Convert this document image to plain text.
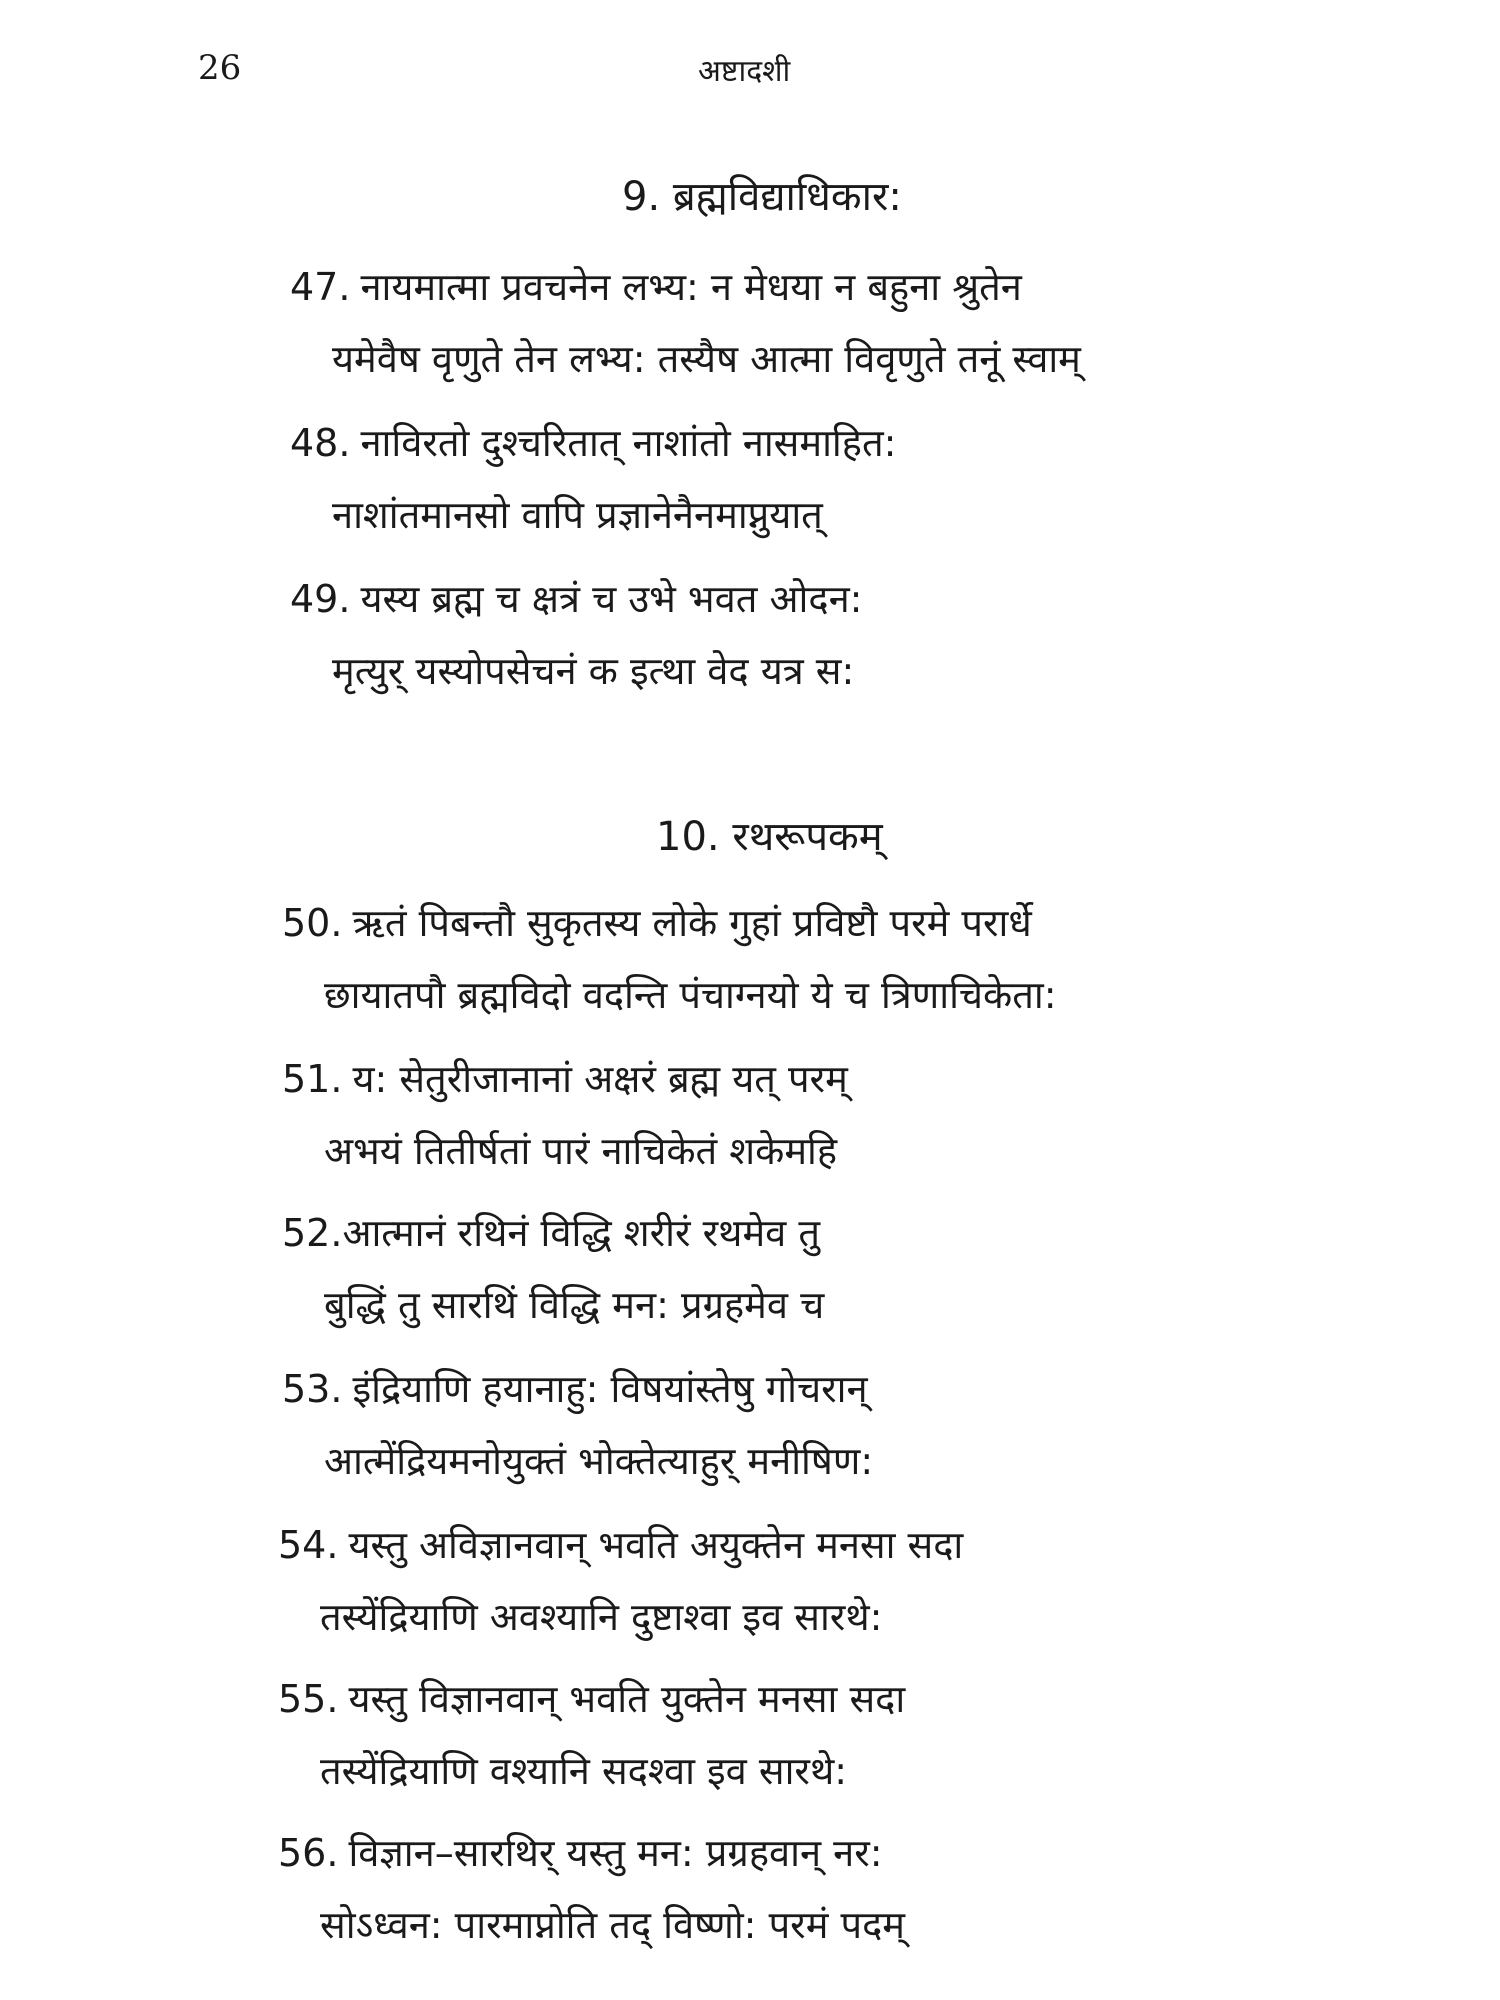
26	अष्टादशी
9. ब्रह्मविद्याधिकार:
47. नायमात्मा प्रवचनेन लभ्य: न मेधया न बहुना श्रुतेन
यमेवैष वृणुते तेन लभ्य: तस्यैष आत्मा विवृणुते तनूं स्वाम्
48. नाविरतो दुश्चरितात् नाशांतो नासमाहित:
नाशांतमानसो वापि प्रज्ञानेनैनमाप्नुयात्
49. यस्य ब्रह्म च क्षत्रं च उभे भवत ओदन:
मृत्युर् यस्योपसेचनं क इत्था वेद यत्र स:
10. रथरूपकम्
50. ऋतं पिबन्तौ सुकृतस्य लोके गुहां प्रविष्टौ परमे परार्धे
छायातपौ ब्रह्मविदो वदन्ति पंचाग्नयो ये च त्रिणाचिकेता:
51. य: सेतुरीजानानां अक्षरं ब्रह्म यत् परम्
अभयं तितीर्षतां पारं नाचिकेतं शकेमहि
52.आत्मानं रथिनं विद्धि शरीरं रथमेव तु
बुद्धिं तु सारथिं विद्धि मन: प्रग्रहमेव च
53. इंद्रियाणि हयानाहु: विषयांस्तेषु गोचरान्
आत्मेंद्रियमनोयुक्तं भोक्तेत्याहुर् मनीषिण:
54. यस्तु अविज्ञानवान् भवति अयुक्तेन मनसा सदा
तस्येंद्रियाणि अवश्यानि दुष्टाश्वा इव सारथे:
55. यस्तु विज्ञानवान् भवति युक्तेन मनसा सदा
तस्येंद्रियाणि वश्यानि सदश्वा इव सारथे:
56. विज्ञान–सारथिर् यस्तु मन: प्रग्रहवान् नर:
सोऽध्वन: पारमाप्नोति तद् विष्णो: परमं पदम्
